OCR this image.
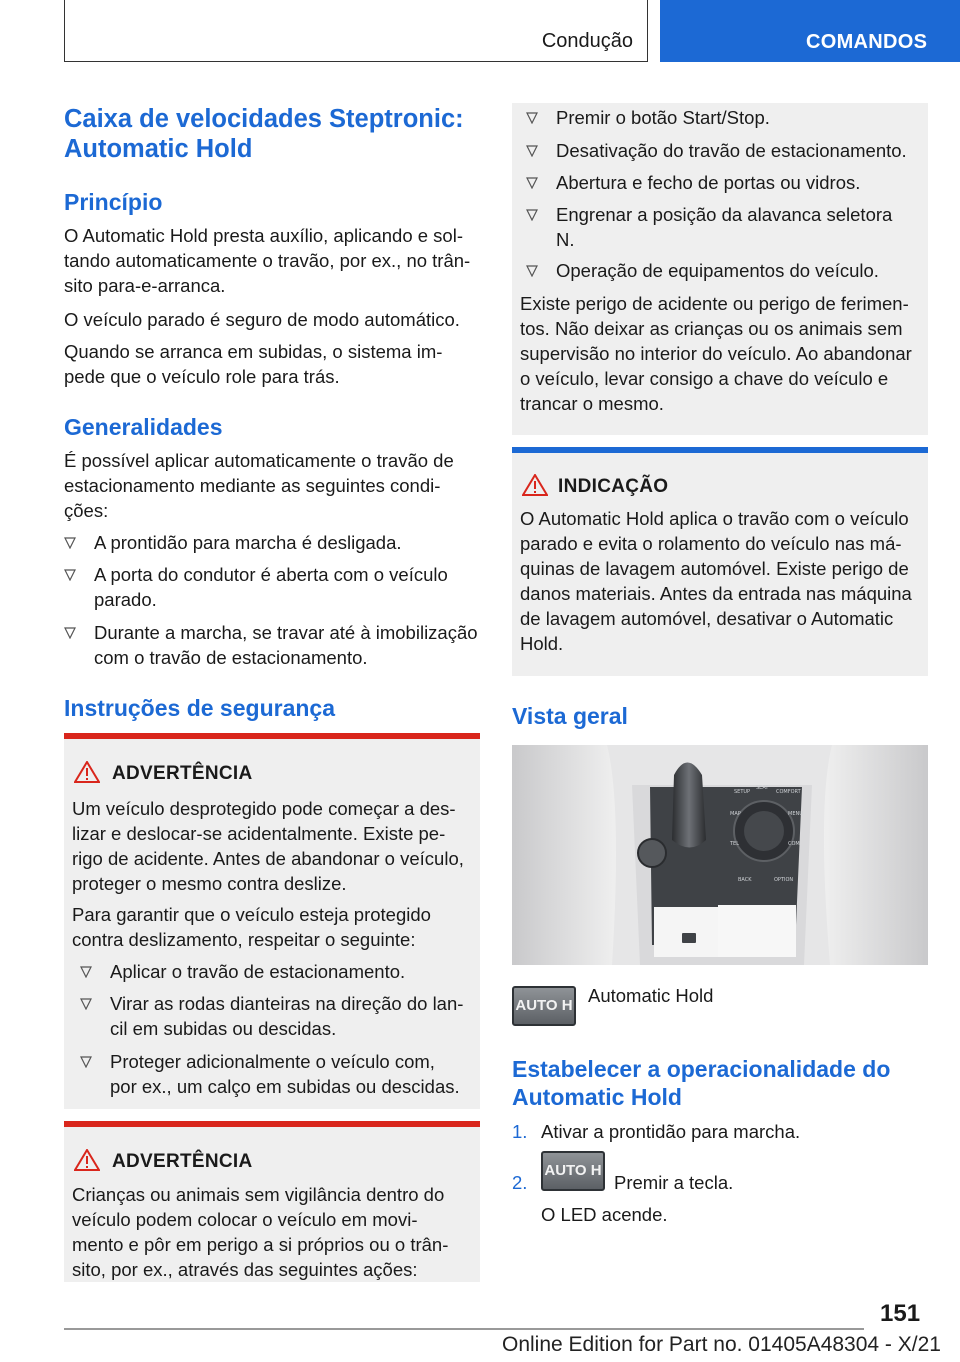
Condução	COMANDOS
Caixa de velocidades Steptronic:
Automatic Hold
Princípio
O Automatic Hold presta auxílio, aplicando e sol-
tando automaticamente o travão, por ex., no trân-
sito para-e-arranca.
O veículo parado é seguro de modo automático.
Quando se arranca em subidas, o sistema im-
pede que o veículo role para trás.
Generalidades
É possível aplicar automaticamente o travão de
estacionamento mediante as seguintes condi-
ções:
A prontidão para marcha é desligada.
A porta do condutor é aberta com o veículo
parado.
Durante a marcha, se travar até à imobilização
com o travão de estacionamento.
Instruções de segurança
ADVERTÊNCIA
Um veículo desprotegido pode começar a des-
lizar e deslocar-se acidentalmente. Existe pe-
rigo de acidente. Antes de abandonar o veículo,
proteger o mesmo contra deslize.
Para garantir que o veículo esteja protegido
contra deslizamento, respeitar o seguinte:
Aplicar o travão de estacionamento.
Virar as rodas dianteiras na direção do lan-
cil em subidas ou descidas.
Proteger adicionalmente o veículo com,
por ex., um calço em subidas ou descidas.
ADVERTÊNCIA
Crianças ou animais sem vigilância dentro do
veículo podem colocar o veículo em movi-
mento e pôr em perigo a si próprios ou o trân-
sito, por ex., através das seguintes ações:
Premir o botão Start/Stop.
Desativação do travão de estacionamento.
Abertura e fecho de portas ou vidros.
Engrenar a posição da alavanca seletora
N.
Operação de equipamentos do veículo.
Existe perigo de acidente ou perigo de ferimen-
tos. Não deixar as crianças ou os animais sem
supervisão no interior do veículo. Ao abandonar
o veículo, levar consigo a chave do veículo e
trancar o mesmo.
INDICAÇÃO
O Automatic Hold aplica o travão com o veículo
parado e evita o rolamento do veículo nas má-
quinas de lavagem automóvel. Existe perigo de
danos materiais. Antes da entrada nas máquina
de lavagem automóvel, desativar o Automatic
Hold.
Vista geral
SETUP
SEAT
COMFORT
MAP	MENU
TEL	COM
BACK	OPTION
AUTO H Automatic Hold
Estabelecer a operacionalidade do
Automatic Hold
1. Ativar a prontidão para marcha.
2.
AUTO H
Premir a tecla.
O LED acende.
151
Online Edition for Part no. 01405A48304 - X/21
